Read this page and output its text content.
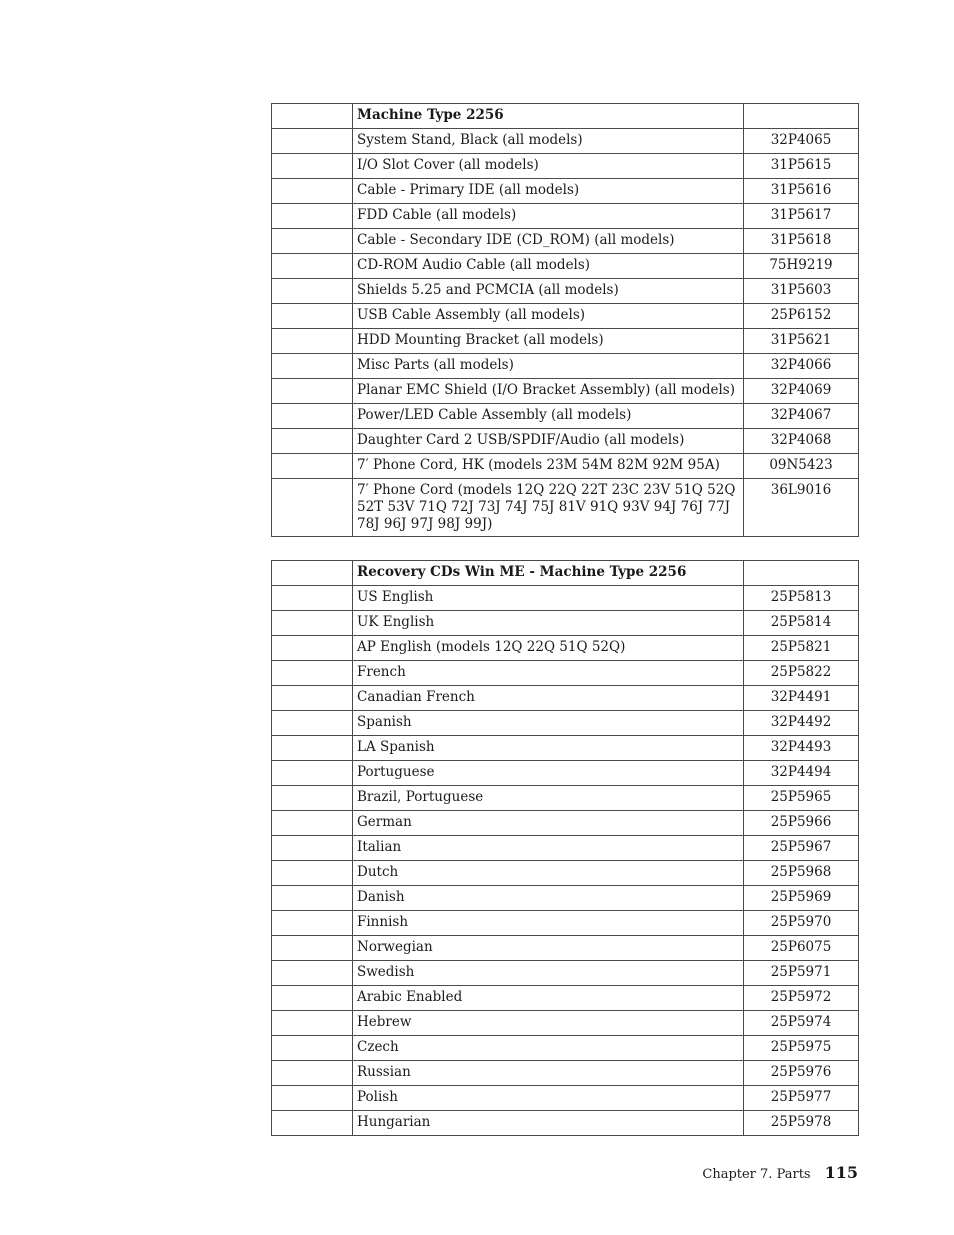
	Machine Type 2256	
	System Stand, Black (all models)	32P4065
	I/O Slot Cover (all models)	31P5615
	Cable - Primary IDE (all models)	31P5616
	FDD Cable (all models)	31P5617
	Cable - Secondary IDE (CD_ROM) (all models)	31P5618
	CD-ROM Audio Cable (all models)	75H9219
	Shields 5.25 and PCMCIA (all models)	31P5603
	USB Cable Assembly (all models)	25P6152
	HDD Mounting Bracket (all models)	31P5621
	Misc Parts (all models)	32P4066
	Planar EMC Shield (I/O Bracket Assembly) (all models)	32P4069
	Power/LED Cable Assembly (all models)	32P4067
	Daughter Card 2 USB/SPDIF/Audio (all models)	32P4068
	7′ Phone Cord, HK (models 23M 54M 82M 92M 95A)	09N5423
	7′ Phone Cord (models 12Q 22Q 22T 23C 23V 51Q 52Q 52T 53V 71Q 72J 73J 74J 75J 81V 91Q 93V 94J 76J 77J 78J 96J 97J 98J 99J)	36L9016
	Recovery CDs Win ME - Machine Type 2256	
	US English	25P5813
	UK English	25P5814
	AP English (models 12Q 22Q 51Q 52Q)	25P5821
	French	25P5822
	Canadian French	32P4491
	Spanish	32P4492
	LA Spanish	32P4493
	Portuguese	32P4494
	Brazil, Portuguese	25P5965
	German	25P5966
	Italian	25P5967
	Dutch	25P5968
	Danish	25P5969
	Finnish	25P5970
	Norwegian	25P6075
	Swedish	25P5971
	Arabic Enabled	25P5972
	Hebrew	25P5974
	Czech	25P5975
	Russian	25P5976
	Polish	25P5977
	Hungarian	25P5978
Chapter 7. Parts 115
